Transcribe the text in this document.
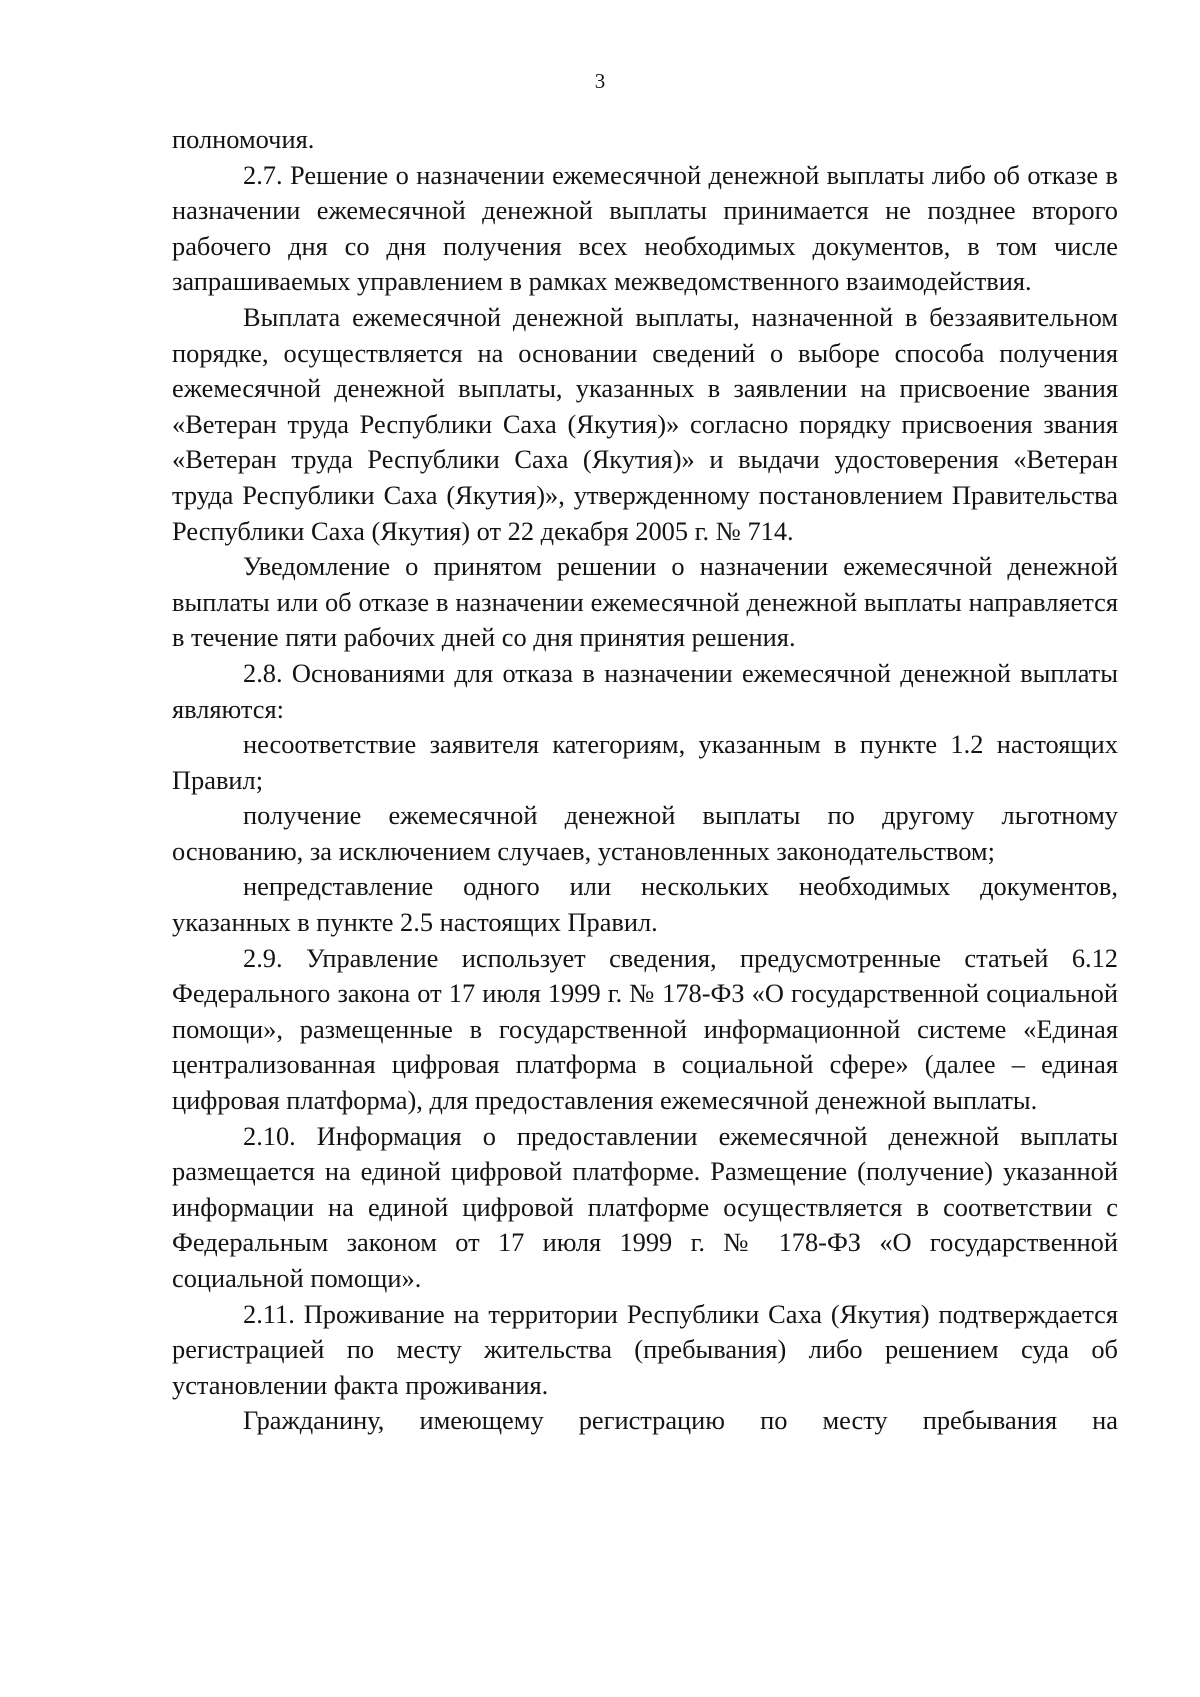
3

полномочия.

2.7. Решение о назначении ежемесячной денежной выплаты либо об отказе в назначении ежемесячной денежной выплаты принимается не позднее второго рабочего дня со дня получения всех необходимых документов, в том числе запрашиваемых управлением в рамках межведомственного взаимодействия.

Выплата ежемесячной денежной выплаты, назначенной в беззаявительном порядке, осуществляется на основании сведений о выборе способа получения ежемесячной денежной выплаты, указанных в заявлении на присвоение звания «Ветеран труда Республики Саха (Якутия)» согласно порядку присвоения звания «Ветеран труда Республики Саха (Якутия)» и выдачи удостоверения «Ветеран труда Республики Саха (Якутия)», утвержденному постановлением Правительства Республики Саха (Якутия) от 22 декабря 2005 г. № 714.

Уведомление о принятом решении о назначении ежемесячной денежной выплаты или об отказе в назначении ежемесячной денежной выплаты направляется в течение пяти рабочих дней со дня принятия решения.

2.8. Основаниями для отказа в назначении ежемесячной денежной выплаты являются:

несоответствие заявителя категориям, указанным в пункте 1.2 настоящих Правил;

получение ежемесячной денежной выплаты по другому льготному основанию, за исключением случаев, установленных законодательством;

непредставление одного или нескольких необходимых документов, указанных в пункте 2.5 настоящих Правил.

2.9. Управление использует сведения, предусмотренные статьей 6.12 Федерального закона от 17 июля 1999 г. № 178-ФЗ «О государственной социальной помощи», размещенные в государственной информационной системе «Единая централизованная цифровая платформа в социальной сфере» (далее – единая цифровая платформа), для предоставления ежемесячной денежной выплаты.

2.10. Информация о предоставлении ежемесячной денежной выплаты размещается на единой цифровой платформе. Размещение (получение) указанной информации на единой цифровой платформе осуществляется в соответствии с Федеральным законом от 17 июля 1999 г. № 178-ФЗ «О государственной социальной помощи».

2.11. Проживание на территории Республики Саха (Якутия) подтверждается регистрацией по месту жительства (пребывания) либо решением суда об установлении факта проживания.

Гражданину, имеющему регистрацию по месту пребывания на
